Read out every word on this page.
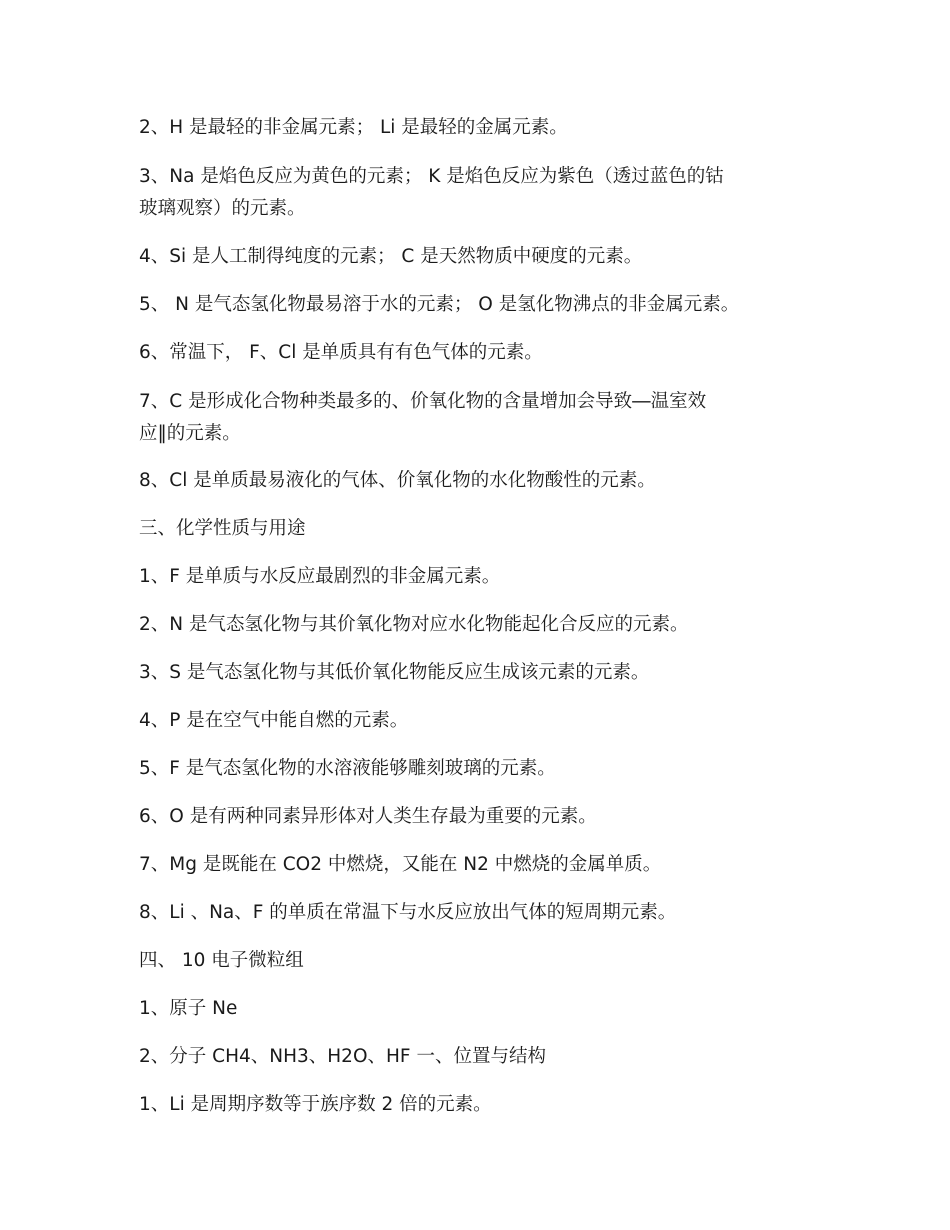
2、H 是最轻的非金属元素； Li 是最轻的金属元素。
3、Na 是焰色反应为黄色的元素； K 是焰色反应为紫色（透过蓝色的钴
玻璃观察）的元素。
4、Si 是人工制得纯度的元素； C 是天然物质中硬度的元素。
5、 N 是气态氢化物最易溶于水的元素； O 是氢化物沸点的非金属元素。
6、常温下， F、Cl 是单质具有有色气体的元素。
7、C 是形成化合物种类最多的、价氧化物的含量增加会导致―温室效
应‖的元素。
8、Cl 是单质最易液化的气体、价氧化物的水化物酸性的元素。
三、化学性质与用途
1、F 是单质与水反应最剧烈的非金属元素。
2、N 是气态氢化物与其价氧化物对应水化物能起化合反应的元素。
3、S 是气态氢化物与其低价氧化物能反应生成该元素的元素。
4、P 是在空气中能自燃的元素。
5、F 是气态氢化物的水溶液能够雕刻玻璃的元素。
6、O 是有两种同素异形体对人类生存最为重要的元素。
7、Mg 是既能在 CO2 中燃烧，又能在 N2 中燃烧的金属单质。
8、Li 、Na、F 的单质在常温下与水反应放出气体的短周期元素。
四、 10 电子微粒组
1、原子 Ne
2、分子 CH4、NH3、H2O、HF 一、位置与结构
1、Li 是周期序数等于族序数 2 倍的元素。
